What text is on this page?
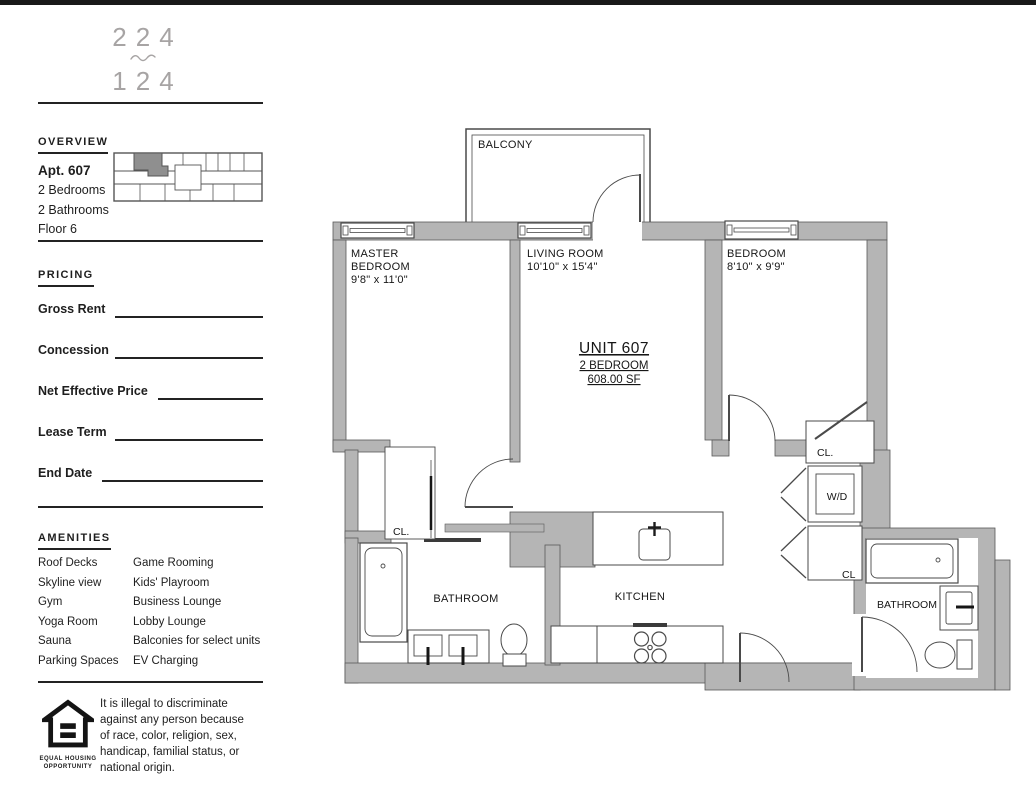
224
124
OVERVIEW
Apt. 607
2 Bedrooms
2 Bathrooms
Floor 6
PRICING
Gross Rent
Concession
Net Effective Price
Lease Term
End Date
AMENITIES
Roof Decks	Game Rooming
Skyline view	Kids' Playroom
Gym	Business Lounge
Yoga Room	Lobby Lounge
Sauna	Balconies for select units
Parking Spaces	EV Charging
EQUAL HOUSING
OPPORTUNITY
It is illegal to discriminate
against any person because
of race, color, religion, sex,
handicap, familial status, or
national origin.
BALCONY
MASTER
BEDROOM
9'8" x 11'0"
LIVING ROOM
10'10" x 15'4"
BEDROOM
8'10" x 9'9"
UNIT 607
2 BEDROOM
608.00 SF
KITCHEN
BATHROOM	BATHROOM
CL.
CL.
CL
W/D
